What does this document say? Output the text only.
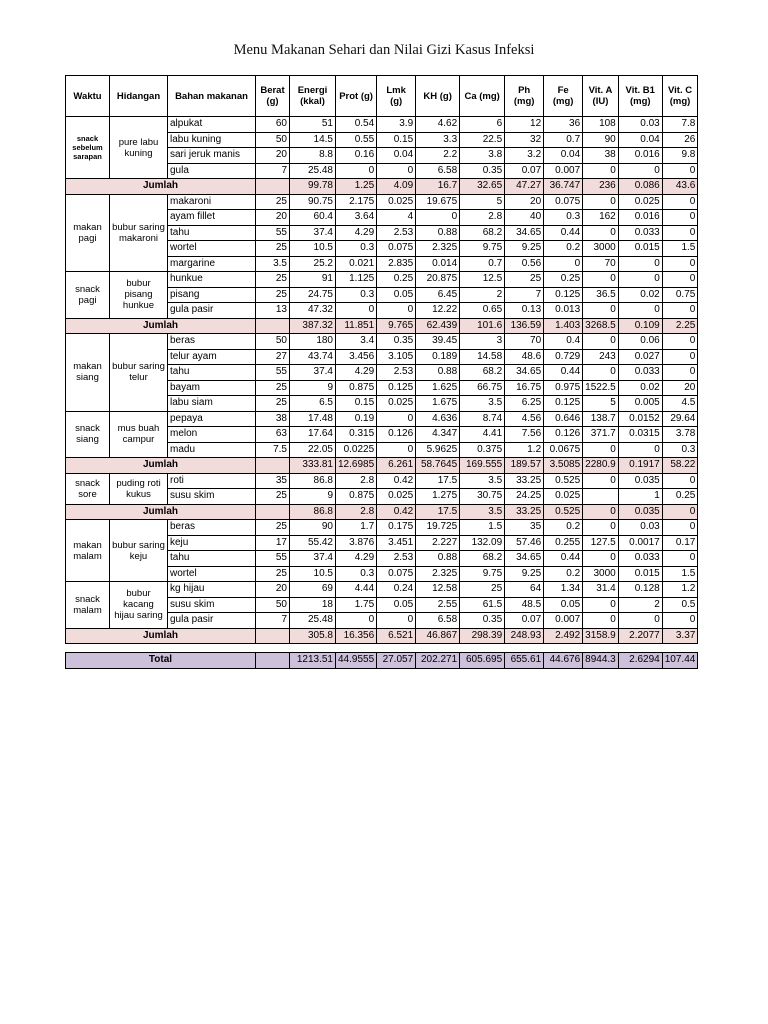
Menu Makanan Sehari dan Nilai Gizi Kasus Infeksi
Waktu	Hidangan	Bahan makanan	Berat (g)	Energi (kkal)	Prot (g)	Lmk (g)	KH (g)	Ca (mg)	Ph (mg)	Fe (mg)	Vit. A (IU)	Vit. B1 (mg)	Vit. C (mg)
snack sebelum sarapan	pure labu kuning	alpukat	60	51	0.54	3.9	4.62	6	12	36	108	0.03	7.8
		labu kuning	50	14.5	0.55	0.15	3.3	22.5	32	0.7	90	0.04	26
		sari jeruk manis	20	8.8	0.16	0.04	2.2	3.8	3.2	0.04	38	0.016	9.8
		gula	7	25.48	0	0	6.58	0.35	0.07	0.007	0	0	0
Jumlah				99.78	1.25	4.09	16.7	32.65	47.27	36.747	236	0.086	43.6
makan pagi	bubur saring makaroni	makaroni	25	90.75	2.175	0.025	19.675	5	20	0.075	0	0.025	0
		ayam fillet	20	60.4	3.64	4	0	2.8	40	0.3	162	0.016	0
		tahu	55	37.4	4.29	2.53	0.88	68.2	34.65	0.44	0	0.033	0
		wortel	25	10.5	0.3	0.075	2.325	9.75	9.25	0.2	3000	0.015	1.5
		margarine	3.5	25.2	0.021	2.835	0.014	0.7	0.56	0	70	0	0
snack pagi	bubur pisang hunkue	hunkue	25	91	1.125	0.25	20.875	12.5	25	0.25	0	0	0
		pisang	25	24.75	0.3	0.05	6.45	2	7	0.125	36.5	0.02	0.75
		gula pasir	13	47.32	0	0	12.22	0.65	0.13	0.013	0	0	0
Jumlah				387.32	11.851	9.765	62.439	101.6	136.59	1.403	3268.5	0.109	2.25
makan siang	bubur saring telur	beras	50	180	3.4	0.35	39.45	3	70	0.4	0	0.06	0
		telur ayam	27	43.74	3.456	3.105	0.189	14.58	48.6	0.729	243	0.027	0
		tahu	55	37.4	4.29	2.53	0.88	68.2	34.65	0.44	0	0.033	0
		bayam	25	9	0.875	0.125	1.625	66.75	16.75	0.975	1522.5	0.02	20
		labu siam	25	6.5	0.15	0.025	1.675	3.5	6.25	0.125	5	0.005	4.5
snack siang	mus buah campur	pepaya	38	17.48	0.19	0	4.636	8.74	4.56	0.646	138.7	0.0152	29.64
		melon	63	17.64	0.315	0.126	4.347	4.41	7.56	0.126	371.7	0.0315	3.78
		madu	7.5	22.05	0.0225	0	5.9625	0.375	1.2	0.0675	0	0	0.3
Jumlah				333.81	12.6985	6.261	58.7645	169.555	189.57	3.5085	2280.9	0.1917	58.22
snack sore	puding roti kukus	roti	35	86.8	2.8	0.42	17.5	3.5	33.25	0.525	0	0.035	0
		susu skim	25	9	0.875	0.025	1.275	30.75	24.25	0.025		1	0.25
Jumlah				86.8	2.8	0.42	17.5	3.5	33.25	0.525	0	0.035	0
makan malam	bubur saring keju	beras	25	90	1.7	0.175	19.725	1.5	35	0.2	0	0.03	0
		keju	17	55.42	3.876	3.451	2.227	132.09	57.46	0.255	127.5	0.0017	0.17
		tahu	55	37.4	4.29	2.53	0.88	68.2	34.65	0.44	0	0.033	0
		wortel	25	10.5	0.3	0.075	2.325	9.75	9.25	0.2	3000	0.015	1.5
snack malam	bubur kacang hijau saring	kg hijau	20	69	4.44	0.24	12.58	25	64	1.34	31.4	0.128	1.2
		susu skim	50	18	1.75	0.05	2.55	61.5	48.5	0.05	0	2	0.5
		gula pasir	7	25.48	0	0	6.58	0.35	0.07	0.007	0	0	0
Jumlah				305.8	16.356	6.521	46.867	298.39	248.93	2.492	3158.9	2.2077	3.37

Total				1213.51	44.9555	27.057	202.271	605.695	655.61	44.676	8944.3	2.6294	107.44
